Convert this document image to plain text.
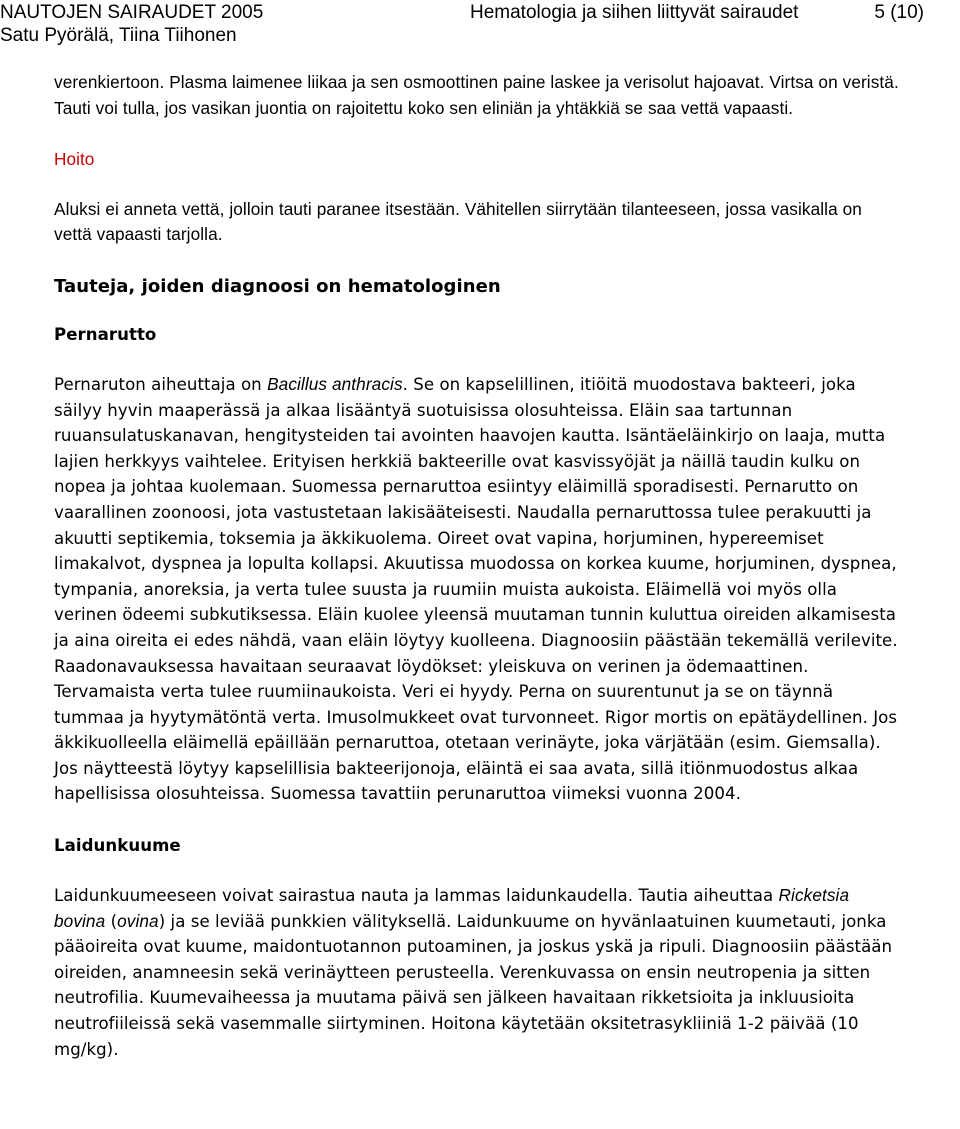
NAUTOJEN SAIRAUDET 2005
Satu Pyörälä, Tiina Tiihonen
Hematologia ja siihen liittyvät sairaudet	5 (10)

verenkiertoon. Plasma laimenee liikaa ja sen osmoottinen paine laskee ja verisolut hajoavat. Virtsa on veristä. Tauti voi tulla, jos vasikan juontia on rajoitettu koko sen eliniän ja yhtäkkiä se saa vettä vapaasti.

Hoito

Aluksi ei anneta vettä, jolloin tauti paranee itsestään. Vähitellen siirrytään tilanteeseen, jossa vasikalla on vettä vapaasti tarjolla.

Tauteja, joiden diagnoosi on hematologinen
Pernarutto

Pernaruton aiheuttaja on Bacillus anthracis. Se on kapselillinen, itiöitä muodostava bakteeri, joka säilyy hyvin maaperässä ja alkaa lisääntyä suotuisissa olosuhteissa. Eläin saa tartunnan ruuansulatuskanavan, hengitysteiden tai avointen haavojen kautta. Isäntäeläinkirjo on laaja, mutta lajien herkkyys vaihtelee. Erityisen herkkiä bakteerille ovat kasvissyöjät ja näillä taudin kulku on nopea ja johtaa kuolemaan. Suomessa pernaruttoa esiintyy eläimillä sporadisesti. Pernarutto on vaarallinen zoonoosi, jota vastustetaan lakisääteisesti. Naudalla pernaruttossa tulee perakuutti ja akuutti septikemia, toksemia ja äkkikuolema. Oireet ovat vapina, horjuminen, hypereemiset limakalvot, dyspnea ja lopulta kollapsi. Akuutissa muodossa on korkea kuume, horjuminen, dyspnea, tympania, anoreksia, ja verta tulee suusta ja ruumiin muista aukoista. Eläimellä voi myös olla verinen ödeemi subkutiksessa. Eläin kuolee yleensä muutaman tunnin kuluttua oireiden alkamisesta ja aina oireita ei edes nähdä, vaan eläin löytyy kuolleena. Diagnoosiin päästään tekemällä verilevite. Raadonavauksessa havaitaan seuraavat löydökset: yleiskuva on verinen ja ödemaattinen. Tervamaista verta tulee ruumiinaukoista. Veri ei hyydy. Perna on suurentunut ja se on täynnä tummaa ja hyytymätöntä verta. Imusolmukkeet ovat turvonneet. Rigor mortis on epätäydellinen. Jos äkkikuolleella eläimellä epäillään pernaruttoa, otetaan verinäyte, joka värjätään (esim. Giemsalla). Jos näytteestä löytyy kapselillisia bakteerijonoja, eläintä ei saa avata, sillä itiönmuodostus alkaa hapellisissa olosuhteissa. Suomessa tavattiin perunaruttoa viimeksi vuonna 2004.

Laidunkuume

Laidunkuumeeseen voivat sairastua nauta ja lammas laidunkaudella. Tautia aiheuttaa Ricketsia bovina (ovina) ja se leviää punkkien välityksellä. Laidunkuume on hyvänlaatuinen kuumetauti, jonka pääoireita ovat kuume, maidontuotannon putoaminen, ja joskus yskä ja ripuli. Diagnoosiin päästään oireiden, anamneesin sekä verinäytteen perusteella. Verenkuvassa on ensin neutropenia ja sitten neutrofilia. Kuumevaiheessa ja muutama päivä sen jälkeen havaitaan rikketsioita ja inkluusioita neutrofiileissä sekä vasemmalle siirtyminen. Hoitona käytetään oksitetrasykliiniä 1-2 päivää (10 mg/kg).
